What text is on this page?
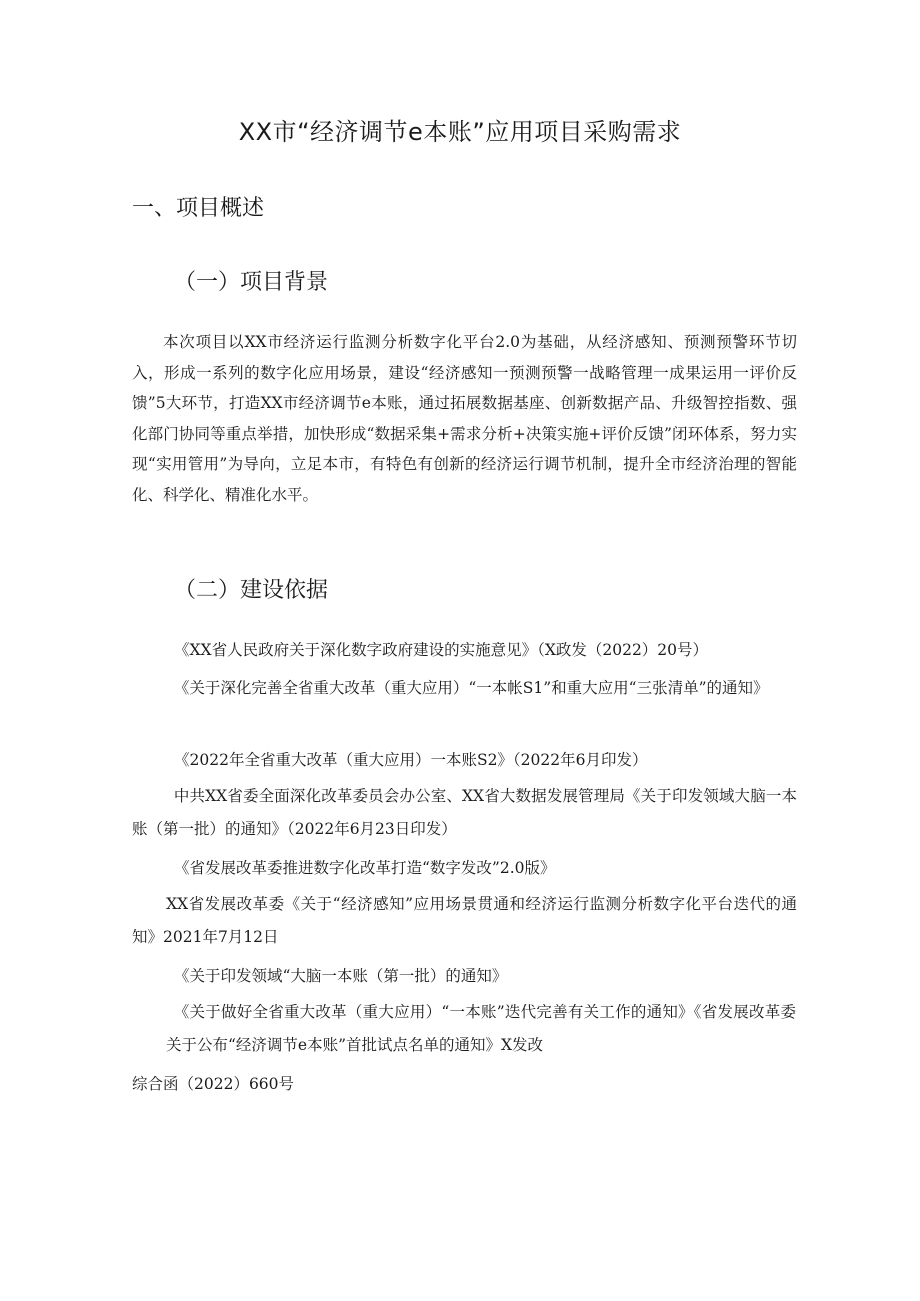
XX市“经济调节e本账”应用项目采购需求
一、项目概述
（一）项目背景
本次项目以XX市经济运行监测分析数字化平台2.0为基础，从经济感知、预测预警环节切入，形成一系列的数字化应用场景，建设“经济感知一预测预警一战略管理一成果运用一评价反馈”5大环节，打造XX市经济调节e本账，通过拓展数据基座、创新数据产品、升级智控指数、强化部门协同等重点举措，加快形成“数据采集+需求分析+决策实施+评价反馈”闭环体系，努力实现“实用管用”为导向，立足本市，有特色有创新的经济运行调节机制，提升全市经济治理的智能化、科学化、精准化水平。
（二）建设依据
《XX省人民政府关于深化数字政府建设的实施意见》（X政发（2022）20号）
《关于深化完善全省重大改革（重大应用）“一本帐S1”和重大应用“三张清单”的通知》
《2022年全省重大改革（重大应用）一本账S2》（2022年6月印发）
中共XX省委全面深化改革委员会办公室、XX省大数据发展管理局《关于印发领域大脑一本账（第一批）的通知》（2022年6月23日印发）
《省发展改革委推进数字化改革打造“数字发改”2.0版》
XX省发展改革委《关于“经济感知”应用场景贯通和经济运行监测分析数字化平台迭代的通知》2021年7月12日
《关于印发领域“大脑一本账（第一批）的通知》
《关于做好全省重大改革（重大应用）“一本账”迭代完善有关工作的通知》《省发展改革委关于公布“经济调节e本账”首批试点名单的通知》X发改
综合函（2022）660号
